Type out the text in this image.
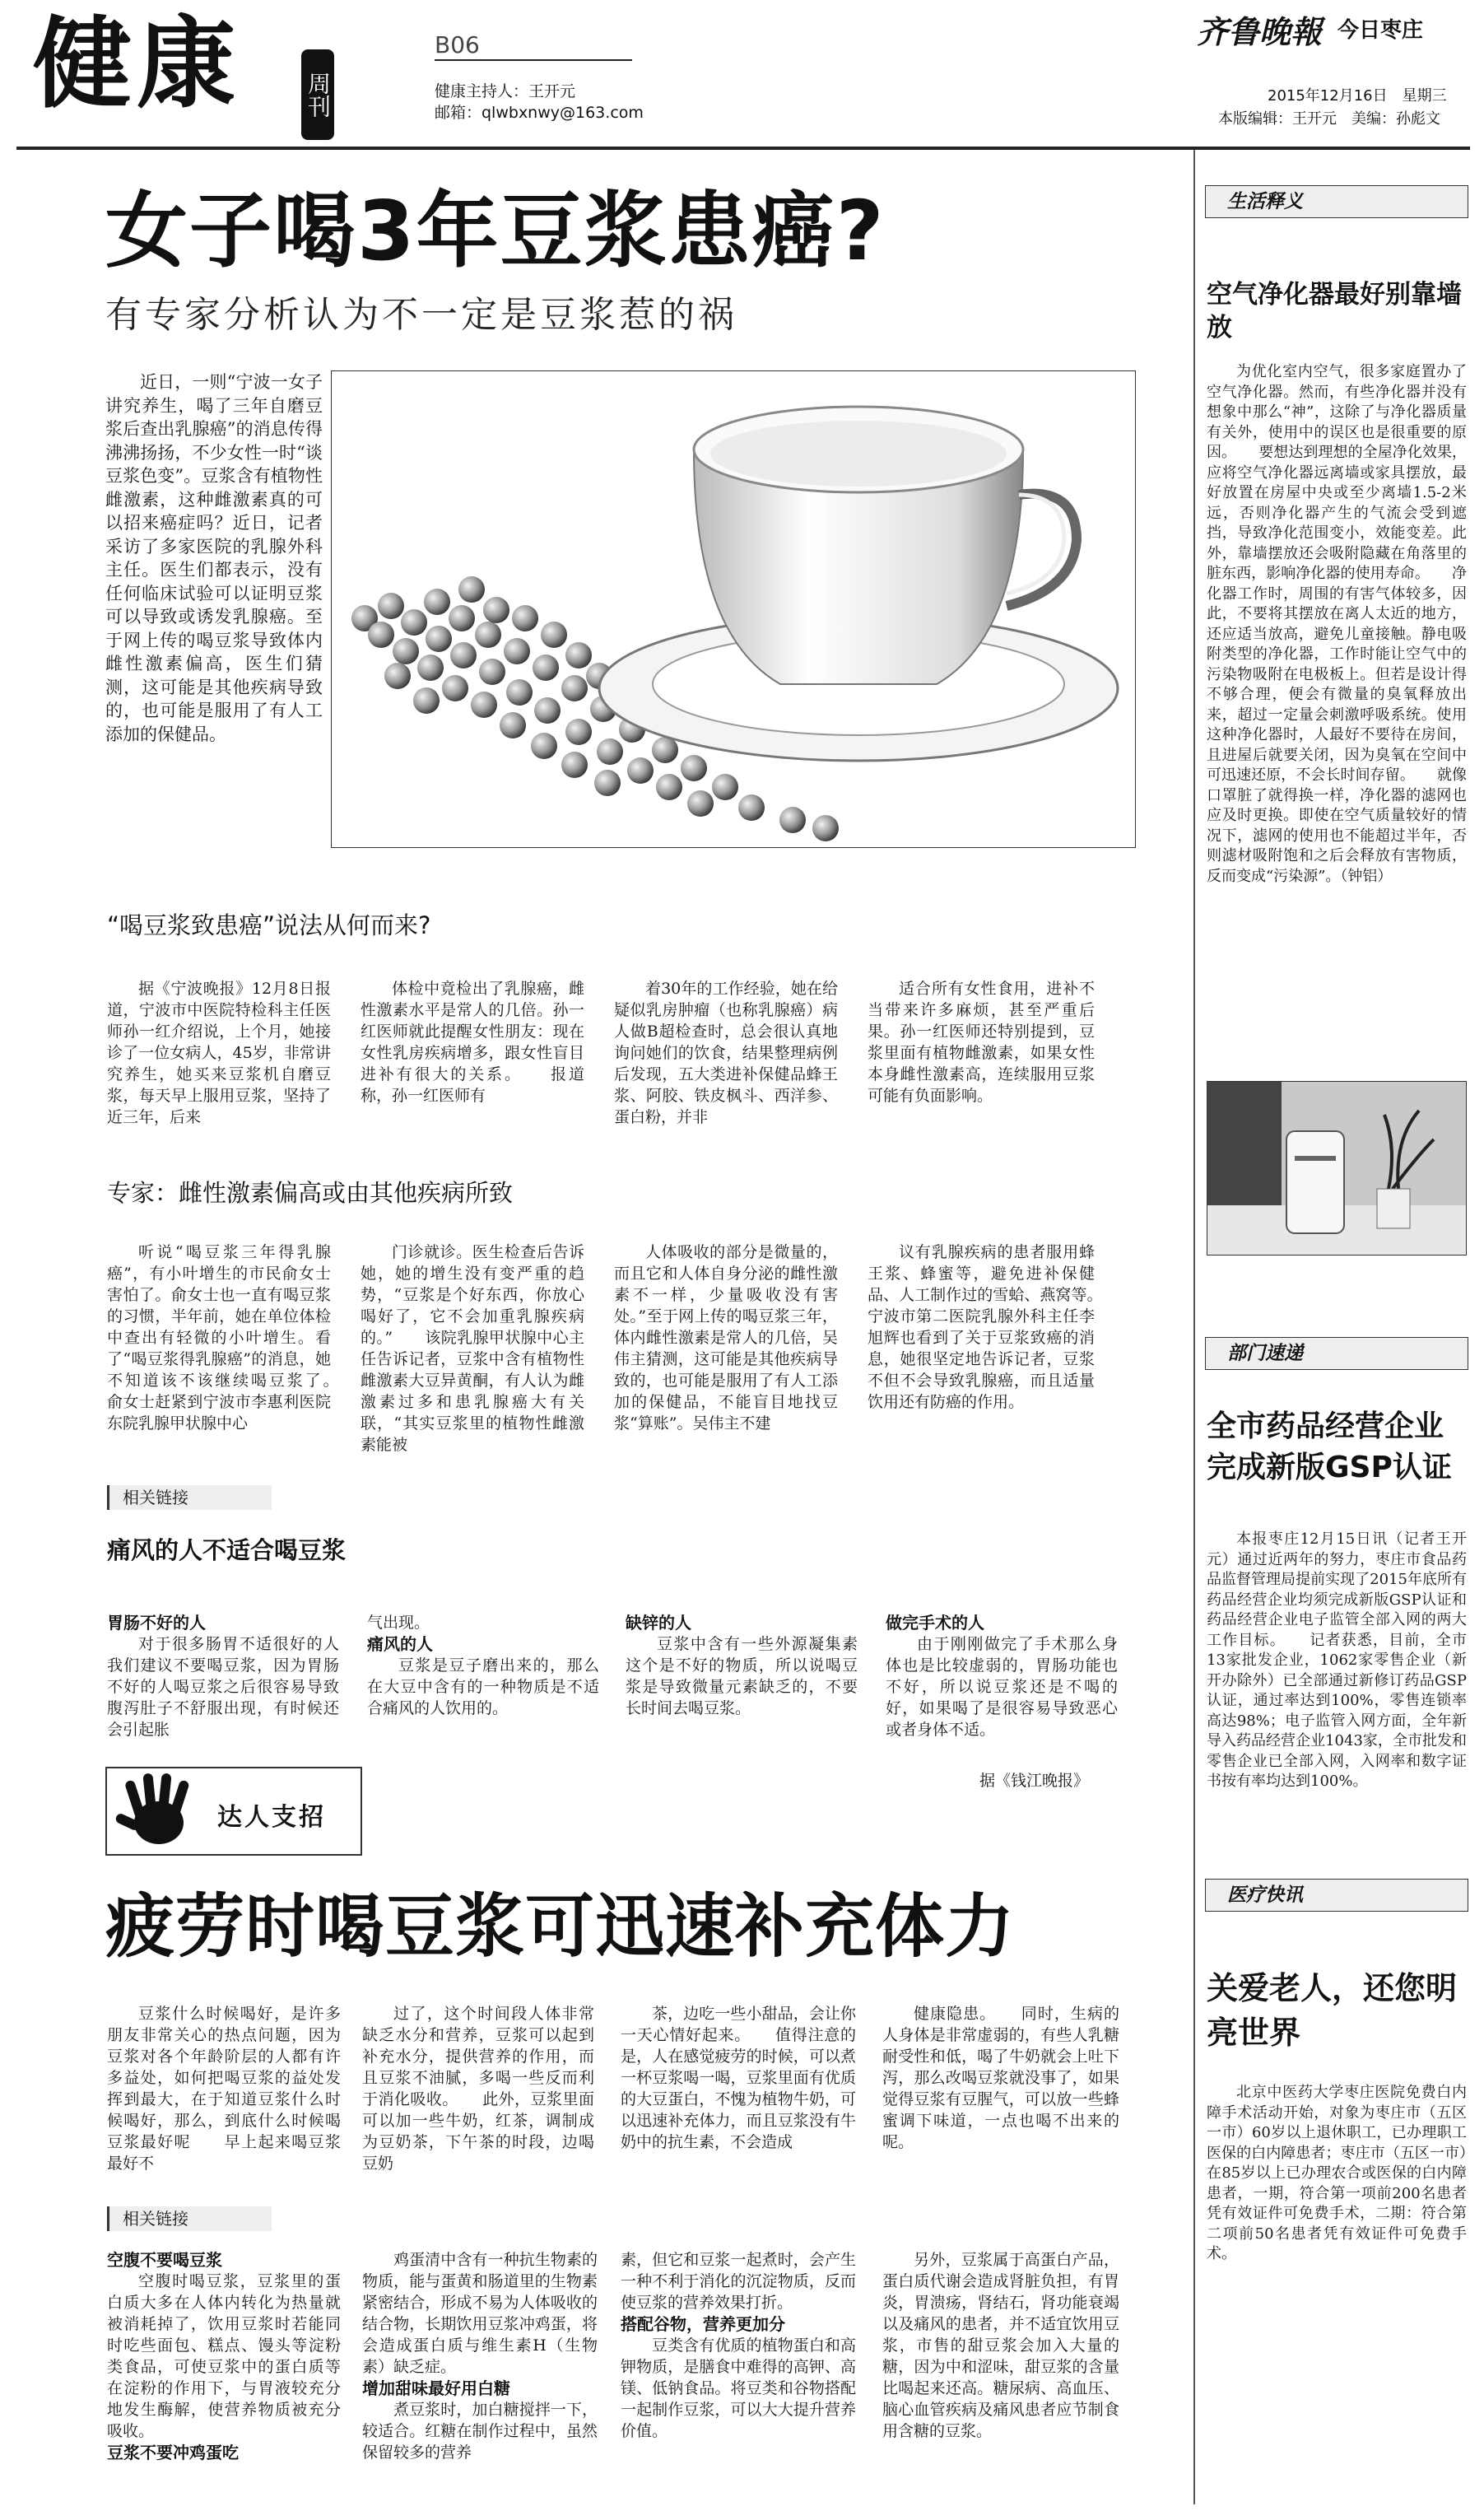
健康	周刊
B06
健康主持人：王开元
邮箱：qlwbxnwy@163.com
齐鲁晚報 今日枣庄
2015年12月16日　星期三
本版编辑：王开元　美编：孙彪文
女子喝3年豆浆患癌?
有专家分析认为不一定是豆浆惹的祸

近日，一则“宁波一女子讲究养生，喝了三年自磨豆浆后查出乳腺癌”的消息传得沸沸扬扬，不少女性一时“谈豆浆色变”。豆浆含有植物性雌激素，这种雌激素真的可以招来癌症吗？近日，记者采访了多家医院的乳腺外科主任。医生们都表示，没有任何临床试验可以证明豆浆可以导致或诱发乳腺癌。至于网上传的喝豆浆导致体内雌性激素偏高，医生们猜测，这可能是其他疾病导致的，也可能是服用了有人工添加的保健品。

“喝豆浆致患癌”说法从何而来?

据《宁波晚报》12月8日报道，宁波市中医院特检科主任医师孙一红介绍说，上个月，她接诊了一位女病人，45岁，非常讲究养生，她买来豆浆机自磨豆浆，每天早上服用豆浆，坚持了近三年，后来

体检中竟检出了乳腺癌，雌性激素水平是常人的几倍。孙一红医师就此提醒女性朋友：现在女性乳房疾病增多，跟女性盲目进补有很大的关系。　　报道称，孙一红医师有

着30年的工作经验，她在给疑似乳房肿瘤（也称乳腺癌）病人做B超检查时，总会很认真地询问她们的饮食，结果整理病例后发现，五大类进补保健品蜂王浆、阿胶、铁皮枫斗、西洋参、蛋白粉，并非

适合所有女性食用，进补不当带来许多麻烦，甚至严重后果。孙一红医师还特别提到，豆浆里面有植物雌激素，如果女性本身雌性激素高，连续服用豆浆可能有负面影响。

专家：雌性激素偏高或由其他疾病所致

听说“喝豆浆三年得乳腺癌”，有小叶增生的市民俞女士害怕了。俞女士也一直有喝豆浆的习惯，半年前，她在单位体检中查出有轻微的小叶增生。看了“喝豆浆得乳腺癌”的消息，她不知道该不该继续喝豆浆了。　　俞女士赶紧到宁波市李惠利医院东院乳腺甲状腺中心

门诊就诊。医生检查后告诉她，她的增生没有变严重的趋势，“豆浆是个好东西，你放心喝好了，它不会加重乳腺疾病的。”　　该院乳腺甲状腺中心主任告诉记者，豆浆中含有植物性雌激素大豆异黄酮，有人认为雌激素过多和患乳腺癌大有关联，“其实豆浆里的植物性雌激素能被

人体吸收的部分是微量的，而且它和人体自身分泌的雌性激素不一样，少量吸收没有害处。”至于网上传的喝豆浆三年，体内雌性激素是常人的几倍，吴伟主猜测，这可能是其他疾病导致的，也可能是服用了有人工添加的保健品，不能盲目地找豆浆“算账”。吴伟主不建

议有乳腺疾病的患者服用蜂王浆、蜂蜜等，避免进补保健品、人工制作过的雪蛤、燕窝等。　　宁波市第二医院乳腺外科主任李旭辉也看到了关于豆浆致癌的消息，她很坚定地告诉记者，豆浆不但不会导致乳腺癌，而且适量饮用还有防癌的作用。

相关链接
痛风的人不适合喝豆浆
胃肠不好的人

对于很多肠胃不适很好的人我们建议不要喝豆浆，因为胃肠不好的人喝豆浆之后很容易导致腹泻肚子不舒服出现，有时候还会引起胀

气出现。

痛风的人

豆浆是豆子磨出来的，那么在大豆中含有的一种物质是不适合痛风的人饮用的。

缺锌的人

豆浆中含有一些外源凝集素这个是不好的物质，所以说喝豆浆是导致微量元素缺乏的，不要长时间去喝豆浆。

做完手术的人

由于刚刚做完了手术那么身体也是比较虚弱的，胃肠功能也不好，所以说豆浆还是不喝的好，如果喝了是很容易导致恶心或者身体不适。

据《钱江晚报》
达人支招
疲劳时喝豆浆可迅速补充体力

豆浆什么时候喝好，是许多朋友非常关心的热点问题，因为豆浆对各个年龄阶层的人都有许多益处，如何把喝豆浆的益处发挥到最大，在于知道豆浆什么时候喝好，那么，到底什么时候喝豆浆最好呢　　早上起来喝豆浆最好不

过了，这个时间段人体非常缺乏水分和营养，豆浆可以起到补充水分，提供营养的作用，而且豆浆不油腻，多喝一些反而利于消化吸收。　　此外，豆浆里面可以加一些牛奶，红茶，调制成为豆奶茶，下午茶的时段，边喝豆奶

茶，边吃一些小甜品，会让你一天心情好起来。　　值得注意的是，人在感觉疲劳的时候，可以煮一杯豆浆喝一喝，豆浆里面有优质的大豆蛋白，不愧为植物牛奶，可以迅速补充体力，而且豆浆没有牛奶中的抗生素，不会造成

健康隐患。　　同时，生病的人身体是非常虚弱的，有些人乳糖耐受性和低，喝了牛奶就会上吐下泻，那么改喝豆浆就没事了，如果觉得豆浆有豆腥气，可以放一些蜂蜜调下味道，一点也喝不出来的呢。

相关链接
空腹不要喝豆浆

空腹时喝豆浆，豆浆里的蛋白质大多在人体内转化为热量就被消耗掉了，饮用豆浆时若能同时吃些面包、糕点、馒头等淀粉类食品，可使豆浆中的蛋白质等在淀粉的作用下，与胃液较充分地发生酶解，使营养物质被充分吸收。

豆浆不要冲鸡蛋吃

鸡蛋清中含有一种抗生物素的物质，能与蛋黄和肠道里的生物素紧密结合，形成不易为人体吸收的结合物，长期饮用豆浆冲鸡蛋，将会造成蛋白质与维生素H（生物素）缺乏症。

增加甜味最好用白糖

煮豆浆时，加白糖搅拌一下，较适合。红糖在制作过程中，虽然保留较多的营养

素，但它和豆浆一起煮时，会产生一种不利于消化的沉淀物质，反而使豆浆的营养效果打折。

搭配谷物，营养更加分

豆类含有优质的植物蛋白和高钾物质，是膳食中难得的高钾、高镁、低钠食品。将豆类和谷物搭配一起制作豆浆，可以大大提升营养价值。

另外，豆浆属于高蛋白产品，蛋白质代谢会造成肾脏负担，有胃炎，胃溃疡，肾结石，肾功能衰竭以及痛风的患者，并不适宜饮用豆浆，市售的甜豆浆会加入大量的糖，因为中和涩味，甜豆浆的含量比喝起来还高。糖尿病、高血压、脑心血管疾病及痛风患者应节制食用含糖的豆浆。

生活释义
空气净化器最好别靠墙放

为优化室内空气，很多家庭置办了空气净化器。然而，有些净化器并没有想象中那么“神”，这除了与净化器质量有关外，使用中的误区也是很重要的原因。　　要想达到理想的全屋净化效果，应将空气净化器远离墙或家具摆放，最好放置在房屋中央或至少离墙1.5-2米远，否则净化器产生的气流会受到遮挡，导致净化范围变小，效能变差。此外，靠墙摆放还会吸附隐藏在角落里的脏东西，影响净化器的使用寿命。　　净化器工作时，周围的有害气体较多，因此，不要将其摆放在离人太近的地方，还应适当放高，避免儿童接触。静电吸附类型的净化器，工作时能让空气中的污染物吸附在电极板上。但若是设计得不够合理，便会有微量的臭氧释放出来，超过一定量会刺激呼吸系统。使用这种净化器时，人最好不要待在房间，且进屋后就要关闭，因为臭氧在空间中可迅速还原，不会长时间存留。　　就像口罩脏了就得换一样，净化器的滤网也应及时更换。即使在空气质量较好的情况下，滤网的使用也不能超过半年，否则滤材吸附饱和之后会释放有害物质，反而变成“污染源”。（钟铝）

部门速递
全市药品经营企业完成新版GSP认证

本报枣庄12月15日讯（记者王开元）通过近两年的努力，枣庄市食品药品监督管理局提前实现了2015年底所有药品经营企业均须完成新版GSP认证和药品经营企业电子监管全部入网的两大工作目标。　　记者获悉，目前，全市13家批发企业，1062家零售企业（新开办除外）已全部通过新修订药品GSP认证，通过率达到100%，零售连锁率高达98%；电子监管入网方面，全年新导入药品经营企业1043家，全市批发和零售企业已全部入网，入网率和数字证书按有率均达到100%。

医疗快讯
关爱老人，还您明亮世界

北京中医药大学枣庄医院免费白内障手术活动开始，对象为枣庄市（五区一市）60岁以上退休职工，已办理职工医保的白内障患者；枣庄市（五区一市）在85岁以上已办理农合或医保的白内障患者，一期，符合第一项前200名患者凭有效证件可免费手术，二期：符合第二项前50名患者凭有效证件可免费手术。
